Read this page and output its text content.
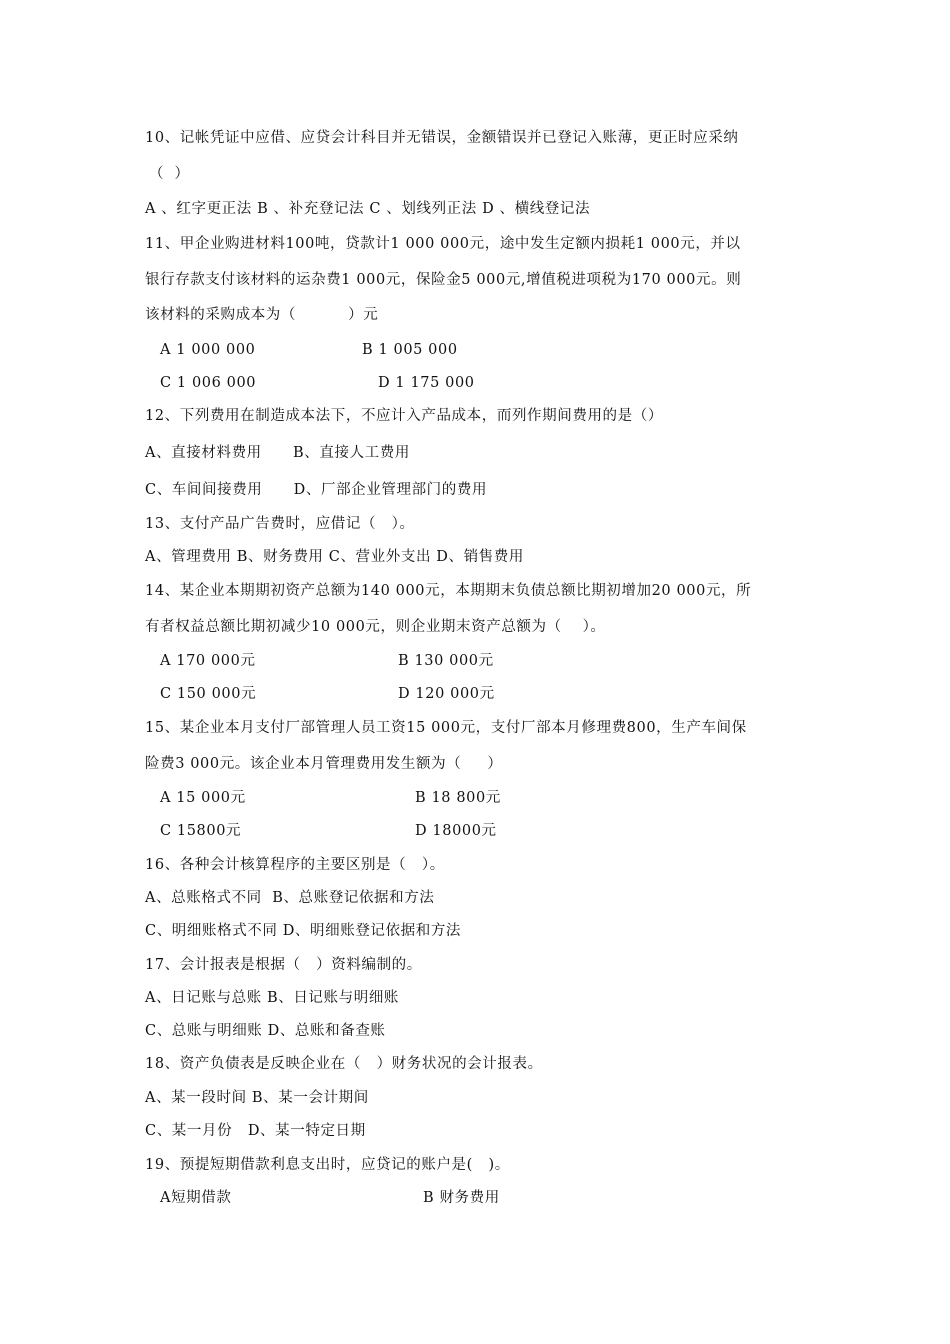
10、记帐凭证中应借、应贷会计科目并无错误，金额错误并已登记入账薄，更正时应采纳
（  ）
A 、红字更正法 B 、补充登记法 C 、划线列正法 D 、横线登记法
11、甲企业购进材料100吨，贷款计1 000 000元，途中发生定额内损耗1 000元，并以
银行存款支付该材料的运杂费1 000元，保险金5 000元,增值税进项税为170 000元。则
该材料的采购成本为（          ）元
A 1 000 000	B 1 005 000
C 1 006 000	D 1 175 000
12、下列费用在制造成本法下，不应计入产品成本，而列作期间费用的是（）
A、直接材料费用      B、直接人工费用
C、车间间接费用      D、厂部企业管理部门的费用
13、支付产品广告费时，应借记（   ）。
A、管理费用 B、财务费用 C、营业外支出 D、销售费用
14、某企业本期期初资产总额为140 000元，本期期末负债总额比期初增加20 000元，所
有者权益总额比期初减少10 000元，则企业期末资产总额为（    ）。
A 170 000元	B 130 000元
C 150 000元	D 120 000元
15、某企业本月支付厂部管理人员工资15 000元，支付厂部本月修理费800，生产车间保
险费3 000元。该企业本月管理费用发生额为（     ）
A 15 000元	B 18 800元
C 15800元	D 18000元
16、各种会计核算程序的主要区别是（   ）。
A、总账格式不同  B、总账登记依据和方法
C、明细账格式不同 D、明细账登记依据和方法
17、会计报表是根据（   ）资料编制的。
A、日记账与总账 B、日记账与明细账
C、总账与明细账 D、总账和备查账
18、资产负债表是反映企业在（   ）财务状况的会计报表。
A、某一段时间 B、某一会计期间
C、某一月份   D、某一特定日期
19、预提短期借款利息支出时，应贷记的账户是(   )。
A短期借款	B 财务费用
